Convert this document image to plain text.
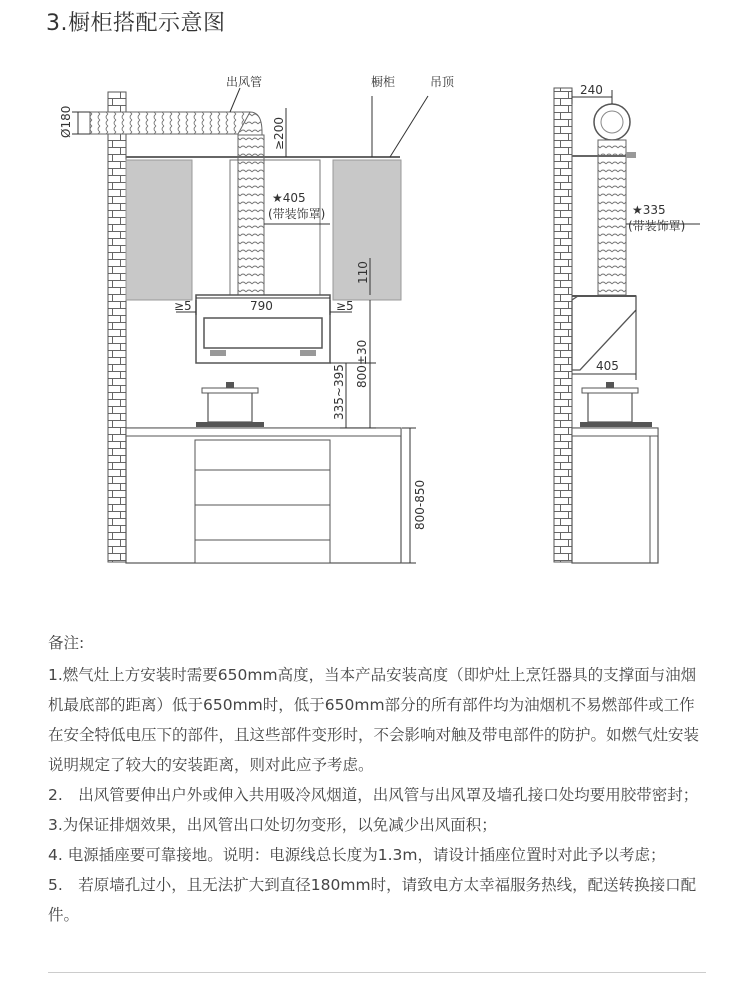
3.橱柜搭配示意图
出风管	橱柜	吊顶
Ø180	≥200
★405
(带装饰罩)
110
790
≥5	≥5
800±30
335~395
800-850
240
★335
(带装饰罩)
405

备注:

1.燃气灶上方安装时需要650mm高度，当本产品安装高度（即炉灶上烹饪器具的支撑面与油烟机最底部的距离）低于650mm时，低于650mm部分的所有部件均为油烟机不易燃部件或工作在安全特低电压下的部件，且这些部件变形时，不会影响对触及带电部件的防护。如燃气灶安装说明规定了较大的安装距离，则对此应予考虑。

2.　出风管要伸出户外或伸入共用吸冷风烟道，出风管与出风罩及墙孔接口处均要用胶带密封；

3.为保证排烟效果，出风管出口处切勿变形，以免减少出风面积；

4. 电源插座要可靠接地。说明：电源线总长度为1.3m，请设计插座位置时对此予以考虑；

5.　若原墙孔过小，且无法扩大到直径180mm时，请致电方太幸福服务热线，配送转换接口配件。
